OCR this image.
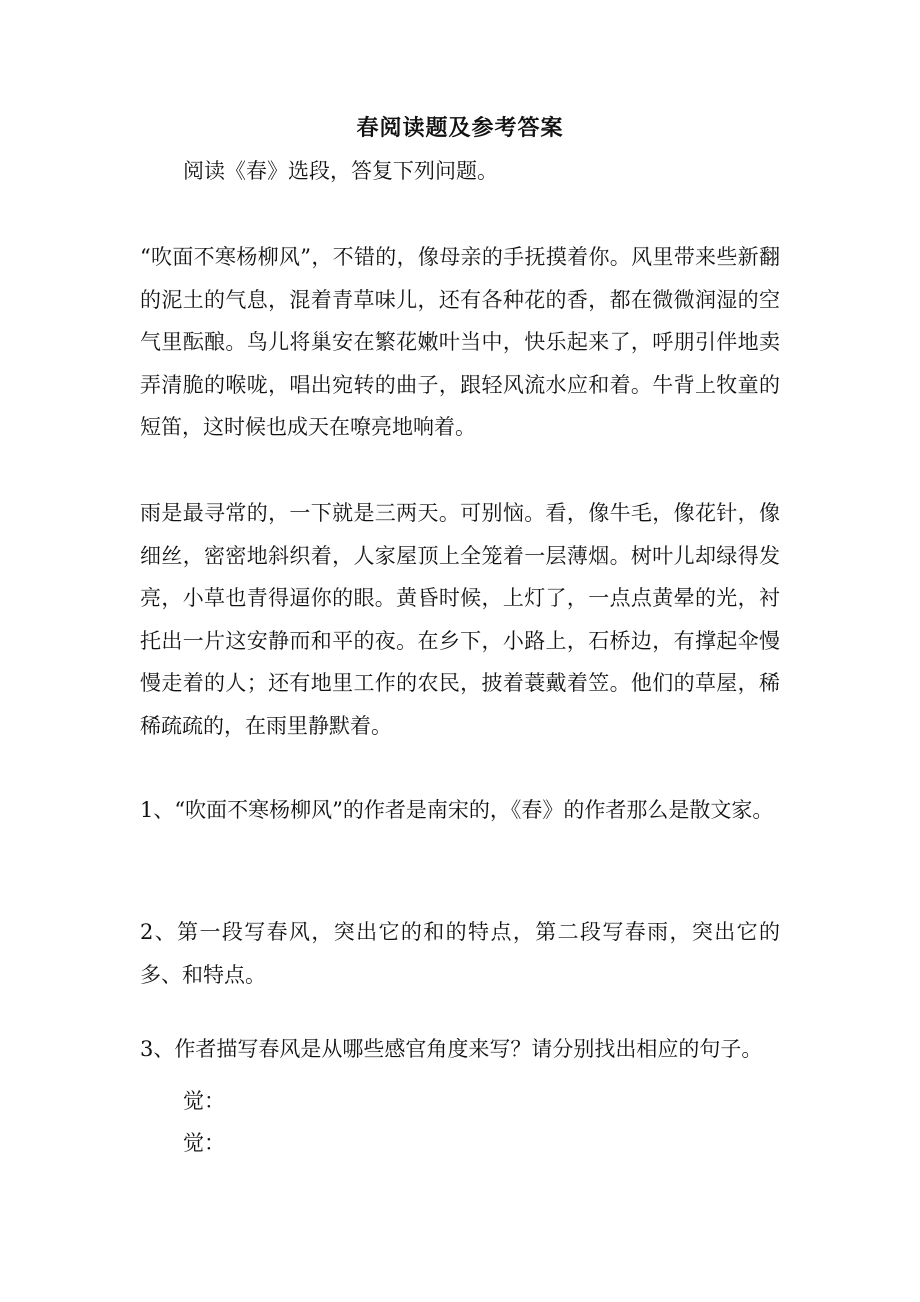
春阅读题及参考答案
阅读《春》选段，答复下列问题。
“吹面不寒杨柳风”，不错的，像母亲的手抚摸着你。风里带来些新翻的泥土的气息，混着青草味儿，还有各种花的香，都在微微润湿的空气里酝酿。鸟儿将巢安在繁花嫩叶当中，快乐起来了，呼朋引伴地卖弄清脆的喉咙，唱出宛转的曲子，跟轻风流水应和着。牛背上牧童的短笛，这时候也成天在嘹亮地响着。
雨是最寻常的，一下就是三两天。可别恼。看，像牛毛，像花针，像细丝，密密地斜织着，人家屋顶上全笼着一层薄烟。树叶儿却绿得发亮，小草也青得逼你的眼。黄昏时候，上灯了，一点点黄晕的光，衬托出一片这安静而和平的夜。在乡下，小路上，石桥边，有撑起伞慢慢走着的人；还有地里工作的农民，披着蓑戴着笠。他们的草屋，稀稀疏疏的，在雨里静默着。
1、“吹面不寒杨柳风”的作者是南宋的，《春》的作者那么是散文家。
2、第一段写春风，突出它的和的特点，第二段写春雨，突出它的多、和特点。
3、作者描写春风是从哪些感官角度来写？请分别找出相应的句子。
觉：
觉：
